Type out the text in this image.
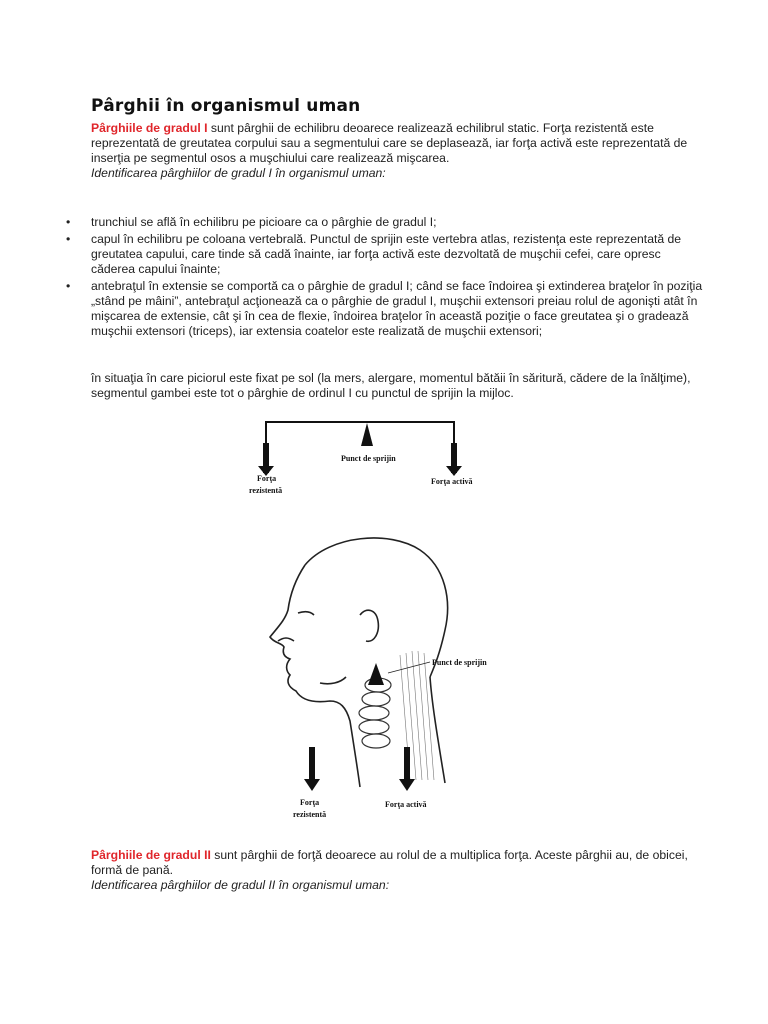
Pârghii în organismul uman
Pârghiile de gradul I sunt pârghii de echilibru deoarece realizează echilibrul static. Forţa rezistentă este reprezentată de greutatea corpului sau a segmentului care se deplasează, iar forţa activă este reprezentată de inserţia pe segmentul osos a muşchiului care realizează mişcarea.
Identificarea pârghiilor de gradul I în organismul uman:
• trunchiul se află în echilibru pe picioare ca o pârghie de gradul I;
• capul în echilibru pe coloana vertebrală. Punctul de sprijin este vertebra atlas, rezistenţa este reprezentată de greutatea capului, care tinde să cadă înainte, iar forţa activă este dezvoltată de muşchii cefei, care opresc căderea capului înainte;
• antebraţul în extensie se comportă ca o pârghie de gradul I; când se face îndoirea şi extinderea braţelor în poziţia „stând pe mâini”, antebraţul acţionează ca o pârghie de gradul I, muşchii extensori preiau rolul de agonişti atât în mişcarea de extensie, cât şi în cea de flexie, îndoirea braţelor în această poziţie o face greutatea şi o gradează muşchii extensori (triceps), iar extensia coatelor este realizată de muşchii extensori;
în situaţia în care piciorul este fixat pe sol (la mers, alergare, momentul bătăii în săritură, cădere de la înălţime), segmentul gambei este tot o pârghie de ordinul I cu punctul de sprijin la mijloc.
Punct de sprijin
Forţa
rezistentă
Forţa activă
Punct de sprijin
Forţa
rezistentă
Forţa activă
Pârghiile de gradul II sunt pârghii de forţă deoarece au rolul de a multiplica forţa. Aceste pârghii au, de obicei, formă de pană.
Identificarea pârghiilor de gradul II în organismul uman:
